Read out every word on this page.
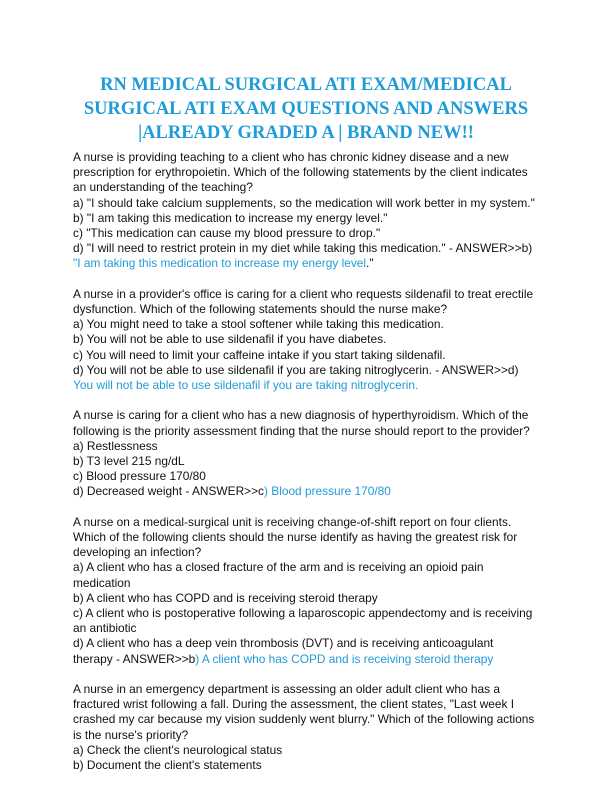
RN MEDICAL SURGICAL ATI EXAM/MEDICAL
SURGICAL ATI EXAM QUESTIONS AND ANSWERS
|ALREADY GRADED A | BRAND NEW!!
A nurse is providing teaching to a client who has chronic kidney disease and a new
prescription for erythropoietin. Which of the following statements by the client indicates
an understanding of the teaching?
a) "I should take calcium supplements, so the medication will work better in my system."
b) "I am taking this medication to increase my energy level."
c) "This medication can cause my blood pressure to drop."
d) "I will need to restrict protein in my diet while taking this medication." - ANSWER>>b)
"I am taking this medication to increase my energy level."
A nurse in a provider's office is caring for a client who requests sildenafil to treat erectile
dysfunction. Which of the following statements should the nurse make?
a) You might need to take a stool softener while taking this medication.
b) You will not be able to use sildenafil if you have diabetes.
c) You will need to limit your caffeine intake if you start taking sildenafil.
d) You will not be able to use sildenafil if you are taking nitroglycerin. - ANSWER>>d)
You will not be able to use sildenafil if you are taking nitroglycerin.
A nurse is caring for a client who has a new diagnosis of hyperthyroidism. Which of the
following is the priority assessment finding that the nurse should report to the provider?
a) Restlessness
b) T3 level 215 ng/dL
c) Blood pressure 170/80
d) Decreased weight - ANSWER>>c) Blood pressure 170/80
A nurse on a medical-surgical unit is receiving change-of-shift report on four clients.
Which of the following clients should the nurse identify as having the greatest risk for
developing an infection?
a) A client who has a closed fracture of the arm and is receiving an opioid pain
medication
b) A client who has COPD and is receiving steroid therapy
c) A client who is postoperative following a laparoscopic appendectomy and is receiving
an antibiotic
d) A client who has a deep vein thrombosis (DVT) and is receiving anticoagulant
therapy - ANSWER>>b) A client who has COPD and is receiving steroid therapy
A nurse in an emergency department is assessing an older adult client who has a
fractured wrist following a fall. During the assessment, the client states, "Last week I
crashed my car because my vision suddenly went blurry." Which of the following actions
is the nurse's priority?
a) Check the client's neurological status
b) Document the client's statements
